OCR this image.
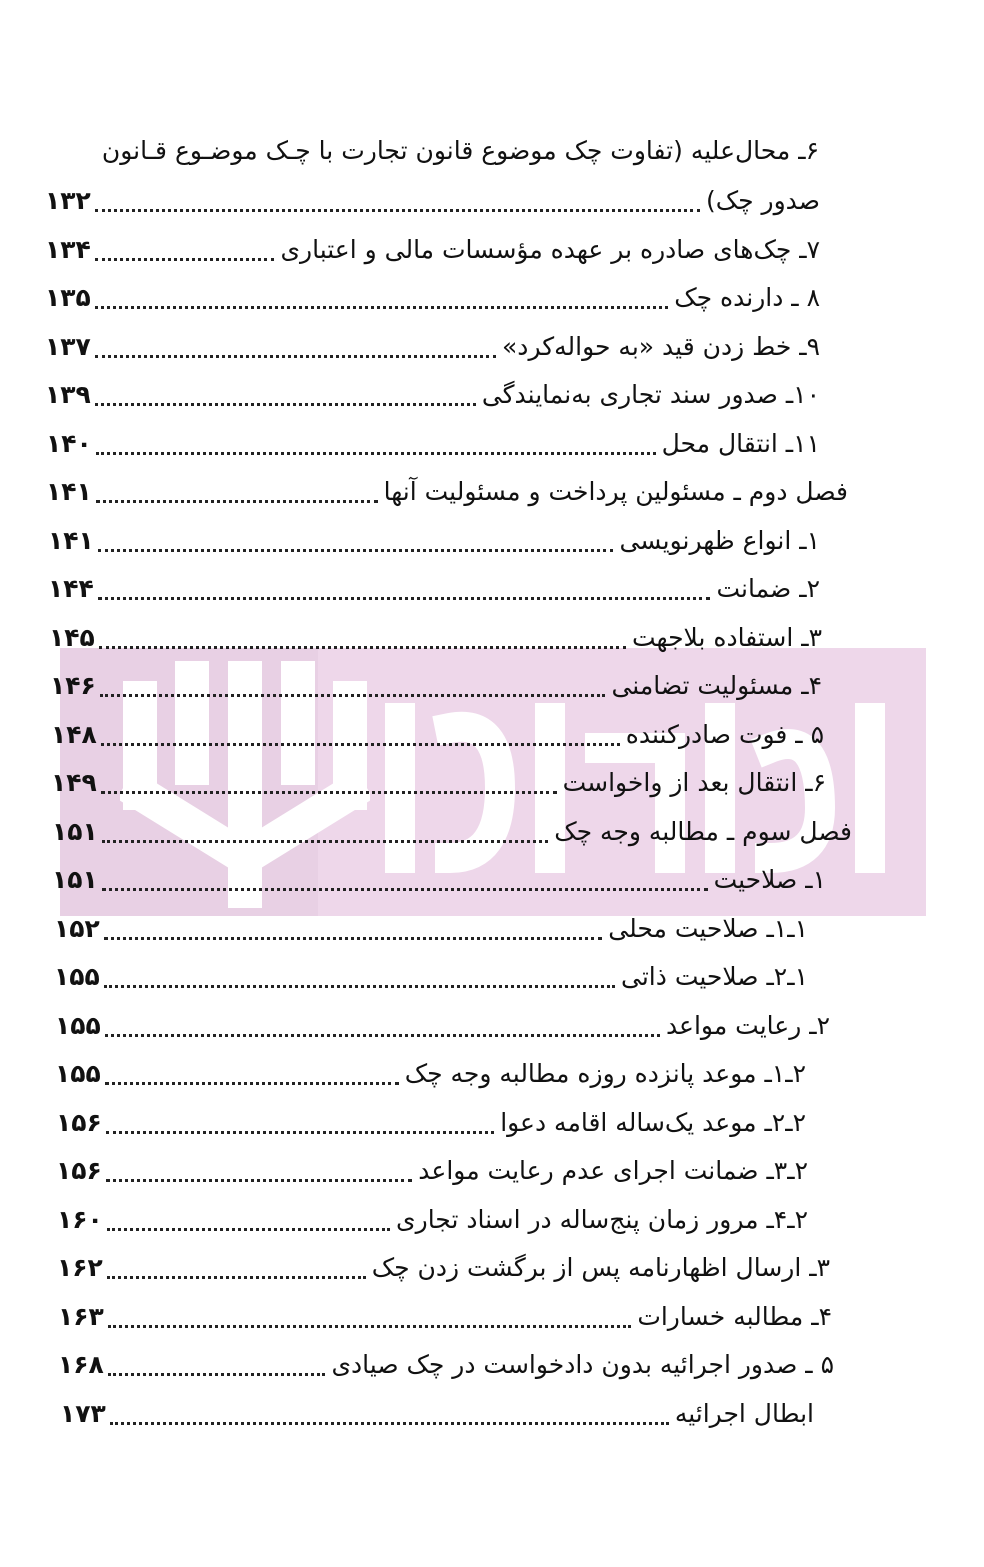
۶ـ محال‌علیه (تفاوت چک موضوع قانون تجارت با چـک موضـوع قـانون
صدور چک)
۱۳۲
۷ـ چک‌های صادره بر عهده مؤسسات مالی و اعتباری
۱۳۴
۸ ـ دارنده چک
۱۳۵
۹ـ خط زدن قید «به حواله‌کرد»
۱۳۷
۱۰ـ صدور سند تجاری به‌نمایندگی
۱۳۹
۱۱ـ انتقال محل
۱۴۰
فصل دوم ـ مسئولین پرداخت و مسئولیت آنها
۱۴۱
۱ـ انواع ظهرنویسی
۱۴۱
۲ـ ضمانت
۱۴۴
۳ـ استفاده بلاجهت
۱۴۵
۴ـ مسئولیت تضامنی
۱۴۶
۵ ـ فوت صادرکننده
۱۴۸
۶ـ انتقال بعد از واخواست
۱۴۹
فصل سوم ـ مطالبه وجه چک
۱۵۱
۱ـ صلاحیت
۱۵۱
۱ـ۱ـ صلاحیت محلی
۱۵۲
۱ـ۲ـ صلاحیت ذاتی
۱۵۵
۲ـ رعایت مواعد
۱۵۵
۲ـ۱ـ موعد پانزده روزه مطالبه وجه چک
۱۵۵
۲ـ۲ـ موعد یک‌ساله اقامه دعوا
۱۵۶
۲ـ۳ـ ضمانت اجرای عدم رعایت مواعد
۱۵۶
۲ـ۴ـ مرور زمان پنج‌ساله در اسناد تجاری
۱۶۰
۳ـ ارسال اظهارنامه پس از برگشت زدن چک
۱۶۲
۴ـ مطالبه خسارات
۱۶۳
۵ ـ صدور اجرائیه بدون دادخواست در چک صیادی
۱۶۸
ابطال اجرائیه
۱۷۳
